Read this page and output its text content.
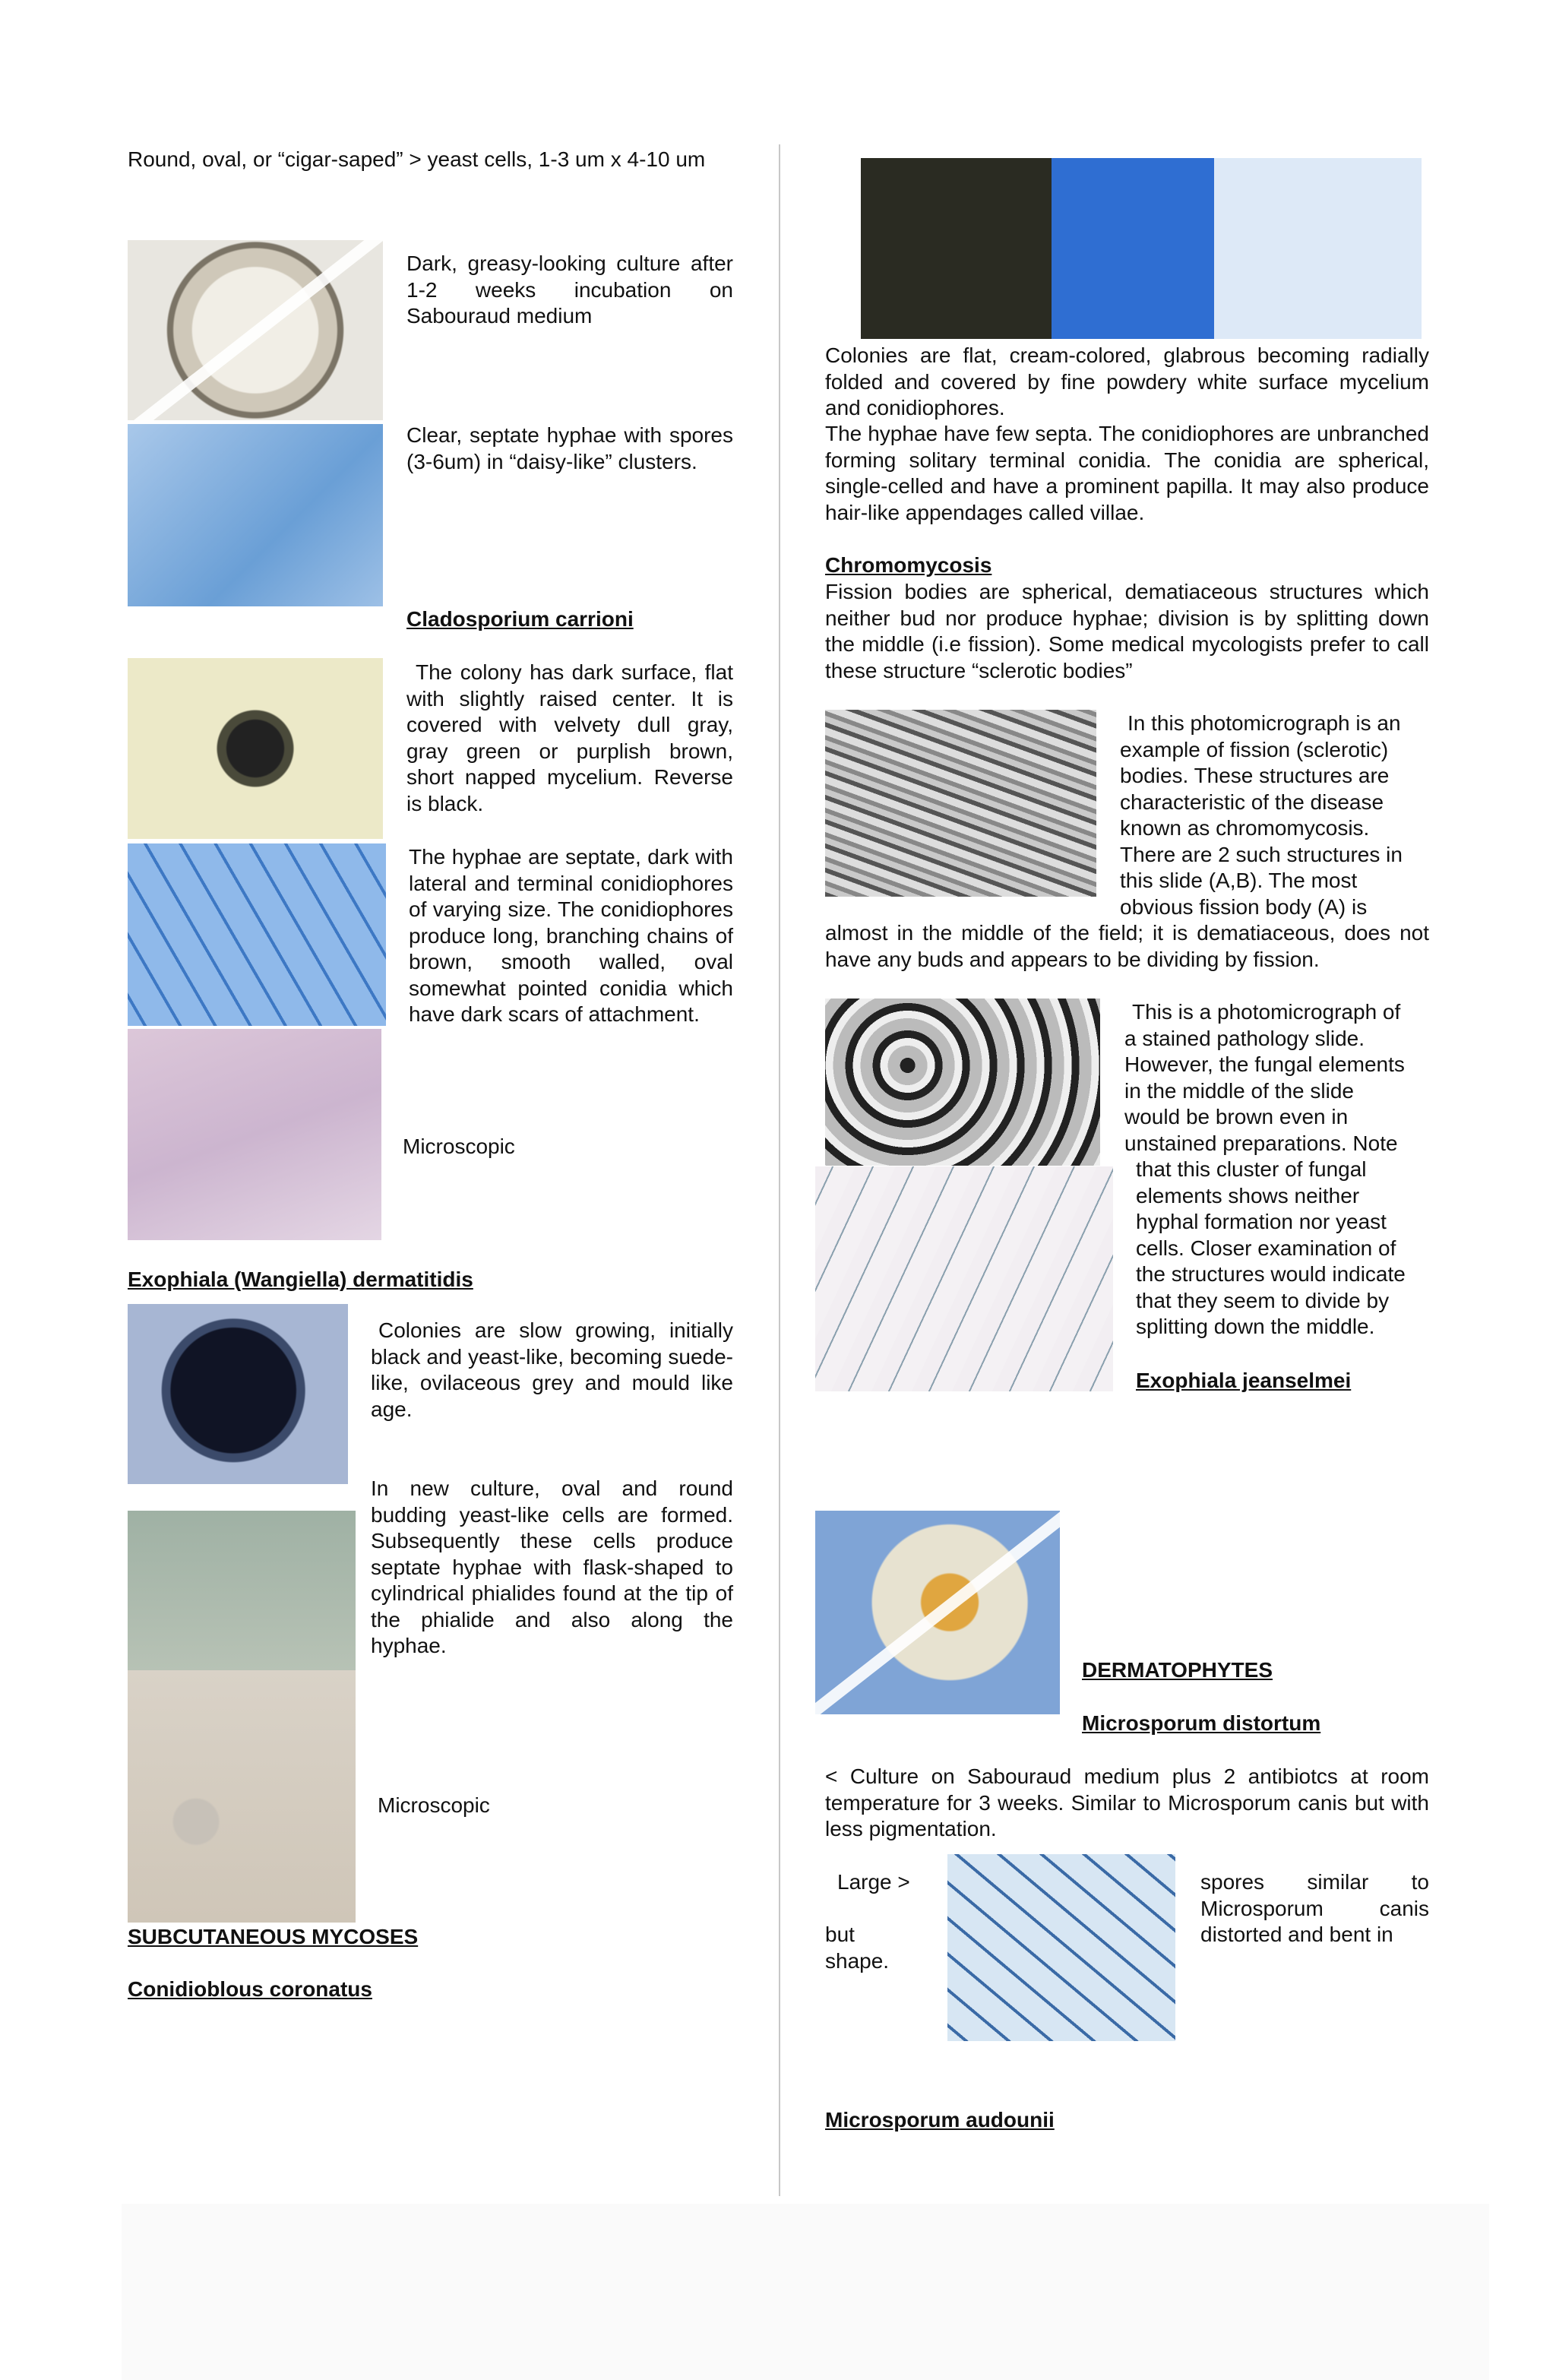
Round, oval, or “cigar-saped” > yeast cells, 1-3 um x 4-10 um
Dark, greasy-looking culture after 1-2 weeks incubation on Sabouraud medium
Clear, septate hyphae with spores (3-6um) in “daisy-like” clusters.
Cladosporium carrioni
The colony has dark surface, flat with slightly raised center. It is covered with velvety dull gray, gray green or purplish brown, short napped mycelium. Reverse is black.
The hyphae are septate, dark with lateral and terminal conidiophores of varying size. The conidiophores produce long, branching chains of brown, smooth walled, oval somewhat pointed conidia which have dark scars of attachment.
Microscopic
Exophiala (Wangiella) dermatitidis
Colonies are slow growing, initially black and yeast-like, becoming suede-like, ovilaceous grey and mould like age.
In new culture, oval and round budding yeast-like cells are formed. Subsequently these cells produce septate hyphae with flask-shaped to cylindrical phialides found at the tip of the phialide and also along the hyphae.
Microscopic
SUBCUTANEOUS MYCOSES
Conidioblous coronatus
Colonies are flat, cream-colored, glabrous becoming radially folded and covered by fine powdery white surface mycelium and conidiophores.
The hyphae have few septa. The conidiophores are unbranched forming solitary terminal conidia. The conidia are spherical, single-celled and have a prominent papilla. It may also produce hair-like appendages called villae.
Chromomycosis
Fission bodies are spherical, dematiaceous structures which neither bud nor produce hyphae; division is by splitting down the middle (i.e fission). Some medical mycologists prefer to call these structure “sclerotic bodies”
In this photomicrograph is an
example of fission (sclerotic)
bodies. These structures are
characteristic of the disease
known as chromomycosis.
There are 2 such structures in
this slide (A,B). The most
obvious fission body (A) is
almost in the middle of the field; it is dematiaceous, does not have any buds and appears to be dividing by fission.
This is a photomicrograph of
a stained pathology slide.
However, the fungal elements
in the middle of the slide
would be brown even in
unstained preparations. Note
that this cluster of fungal
elements shows neither
hyphal formation nor yeast
cells. Closer examination of
the structures would indicate
that they seem to divide by
splitting down the middle.
Exophiala jeanselmei
DERMATOPHYTES
Microsporum distortum
< Culture on Sabouraud medium plus 2 antibiotcs at room temperature for 3 weeks. Similar to Microsporum canis but with less pigmentation.
Large >
but shape.
spores similar to Microsporum canis distorted and bent in
Microsporum audounii
